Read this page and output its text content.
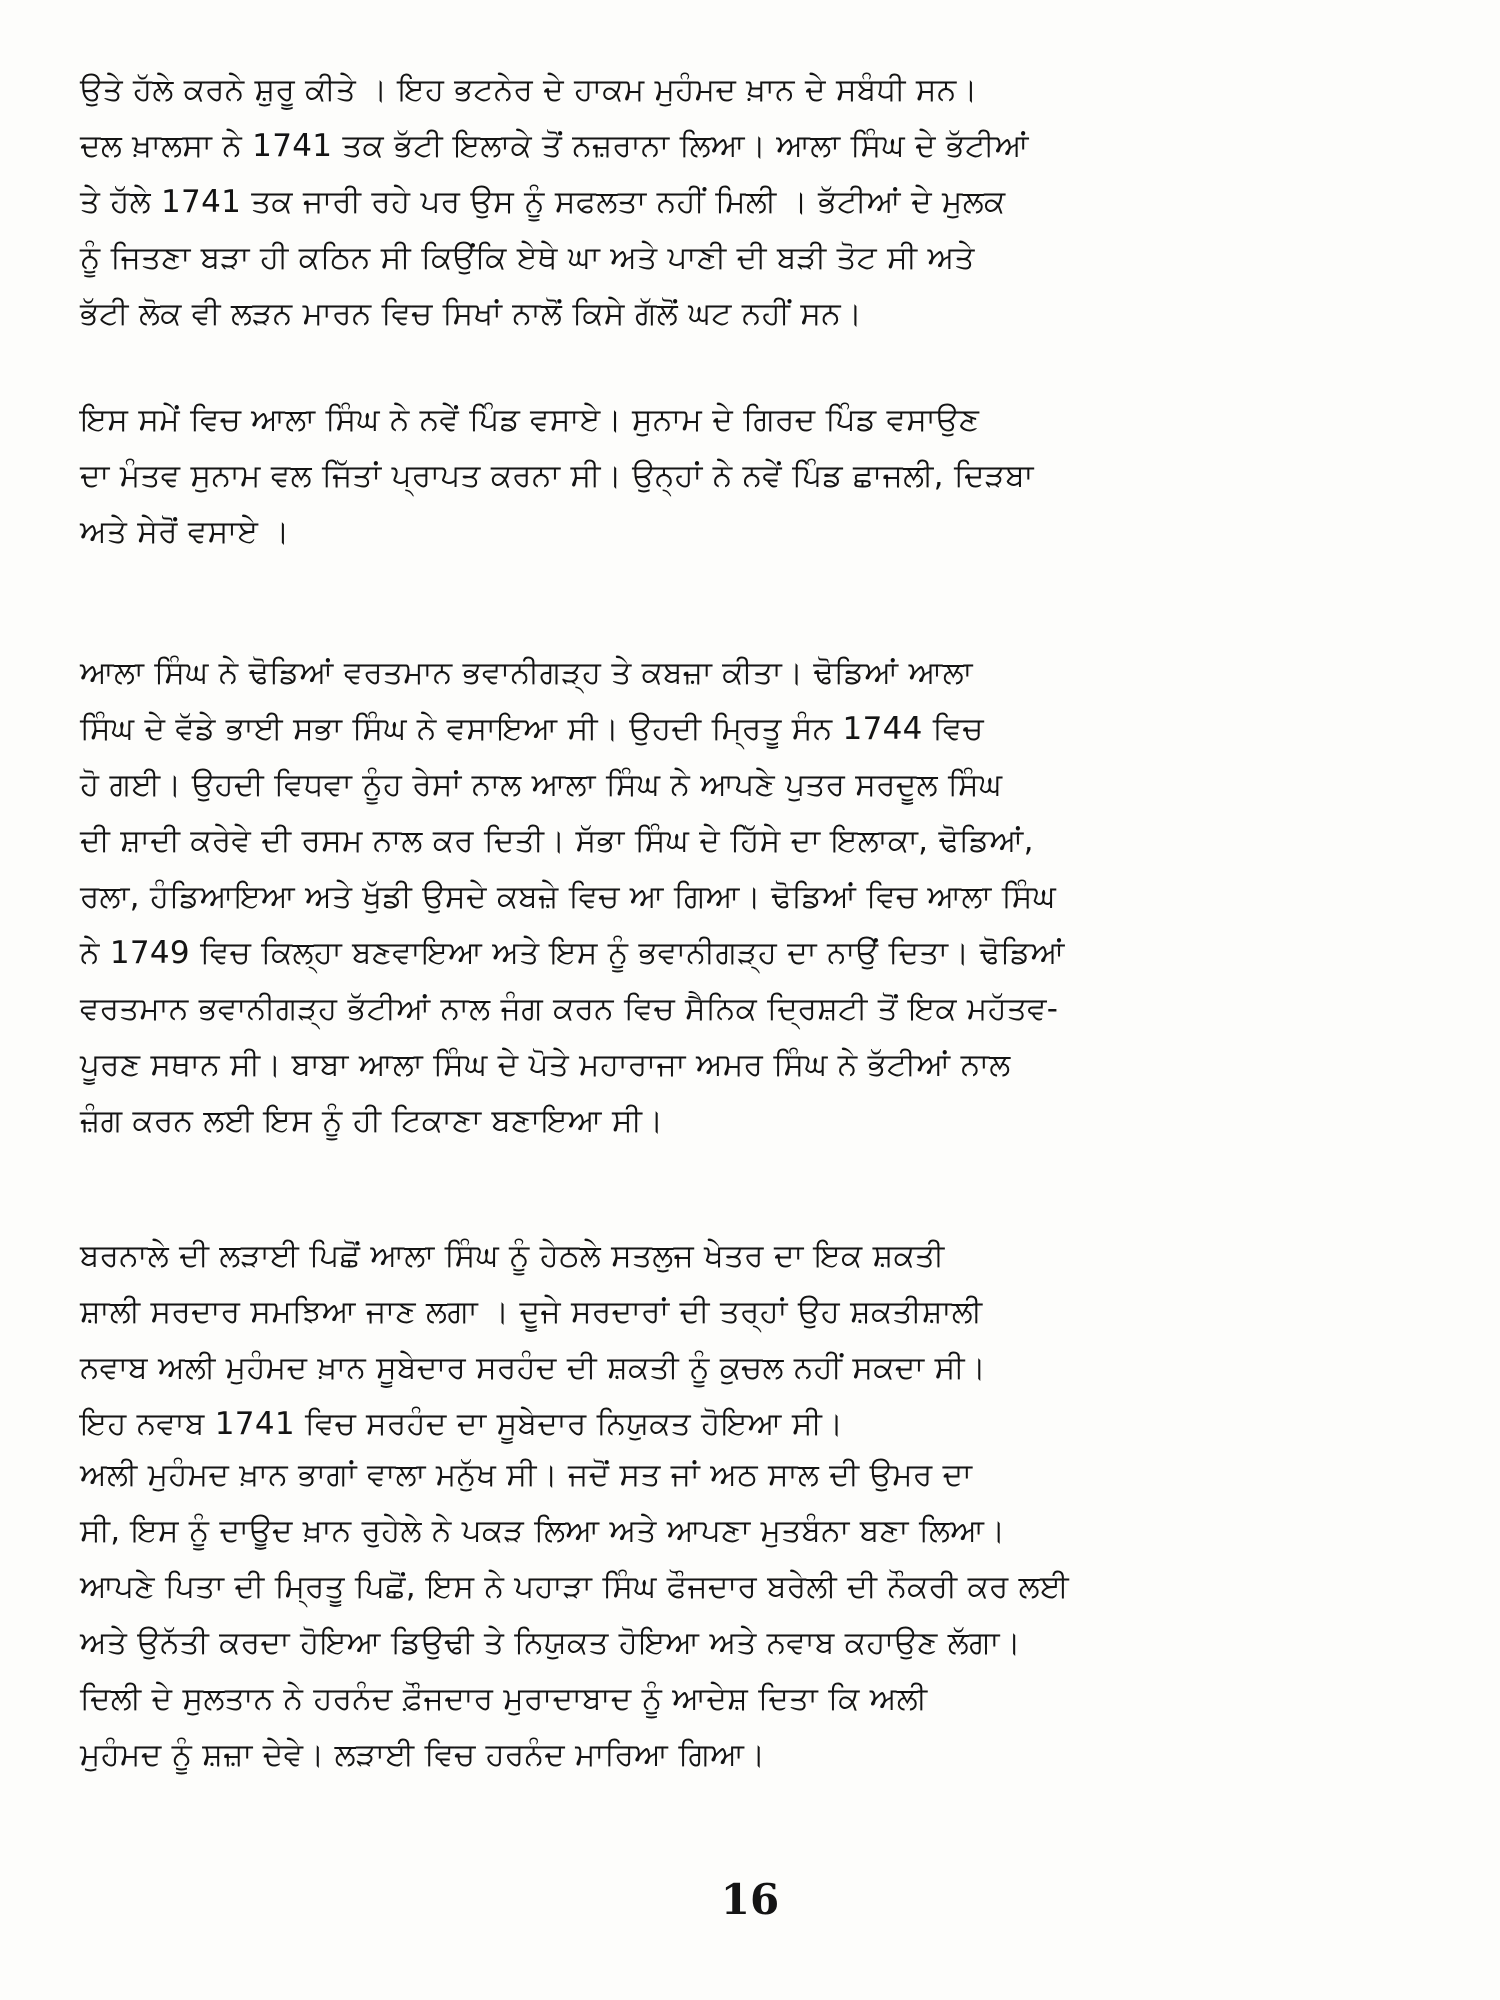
ਉਤੇ ਹੱਲੇ ਕਰਨੇ ਸ਼ੁਰੂ ਕੀਤੇ । ਇਹ ਭਟਨੇਰ ਦੇ ਹਾਕਮ ਮੁਹੰਮਦ ਖ਼ਾਨ ਦੇ ਸਬੰਧੀ ਸਨ।
ਦਲ ਖ਼ਾਲਸਾ ਨੇ 1741 ਤਕ ਭੱਟੀ ਇਲਾਕੇ ਤੋਂ ਨਜ਼ਰਾਨਾ ਲਿਆ। ਆਲਾ ਸਿੰਘ ਦੇ ਭੱਟੀਆਂ
ਤੇ ਹੱਲੇ 1741 ਤਕ ਜਾਰੀ ਰਹੇ ਪਰ ਉਸ ਨੂੰ ਸਫਲਤਾ ਨਹੀਂ ਮਿਲੀ । ਭੱਟੀਆਂ ਦੇ ਮੁਲਕ
ਨੂੰ ਜਿਤਣਾ ਬੜਾ ਹੀ ਕਠਿਨ ਸੀ ਕਿਉਂਕਿ ਏਥੇ ਘਾ ਅਤੇ ਪਾਣੀ ਦੀ ਬੜੀ ਤੋਟ ਸੀ ਅਤੇ
ਭੱਟੀ ਲੋਕ ਵੀ ਲੜਨ ਮਾਰਨ ਵਿਚ ਸਿਖਾਂ ਨਾਲੋਂ ਕਿਸੇ ਗੱਲੋਂ ਘਟ ਨਹੀਂ ਸਨ।
ਇਸ ਸਮੇਂ ਵਿਚ ਆਲਾ ਸਿੰਘ ਨੇ ਨਵੇਂ ਪਿੰਡ ਵਸਾਏ। ਸੁਨਾਮ ਦੇ ਗਿਰਦ ਪਿੰਡ ਵਸਾਉਣ
ਦਾ ਮੰਤਵ ਸੁਨਾਮ ਵਲ ਜਿੱਤਾਂ ਪ੍ਰਾਪਤ ਕਰਨਾ ਸੀ। ਉਨ੍ਹਾਂ ਨੇ ਨਵੇਂ ਪਿੰਡ ਛਾਜਲੀ, ਦਿੜਬਾ
ਅਤੇ ਸੇਰੋਂ ਵਸਾਏ ।
ਆਲਾ ਸਿੰਘ ਨੇ ਢੋਡਿਆਂ ਵਰਤਮਾਨ ਭਵਾਨੀਗੜ੍ਹ ਤੇ ਕਬਜ਼ਾ ਕੀਤਾ। ਢੋਡਿਆਂ ਆਲਾ
ਸਿੰਘ ਦੇ ਵੱਡੇ ਭਾਈ ਸਭਾ ਸਿੰਘ ਨੇ ਵਸਾਇਆ ਸੀ। ਉਹਦੀ ਮ੍ਰਿਤੂ ਸੰਨ 1744 ਵਿਚ
ਹੋ ਗਈ। ਉਹਦੀ ਵਿਧਵਾ ਨੂੰਹ ਰੇਸਾਂ ਨਾਲ ਆਲਾ ਸਿੰਘ ਨੇ ਆਪਣੇ ਪੁਤਰ ਸਰਦੂਲ ਸਿੰਘ
ਦੀ ਸ਼ਾਦੀ ਕਰੇਵੇ ਦੀ ਰਸਮ ਨਾਲ ਕਰ ਦਿਤੀ। ਸੱਭਾ ਸਿੰਘ ਦੇ ਹਿੱਸੇ ਦਾ ਇਲਾਕਾ, ਢੋਡਿਆਂ,
ਰਲਾ, ਹੰਡਿਆਇਆ ਅਤੇ ਖੁੱਡੀ ਉਸਦੇ ਕਬਜ਼ੇ ਵਿਚ ਆ ਗਿਆ। ਢੋਡਿਆਂ ਵਿਚ ਆਲਾ ਸਿੰਘ
ਨੇ 1749 ਵਿਚ ਕਿਲ੍ਹਾ ਬਣਵਾਇਆ ਅਤੇ ਇਸ ਨੂੰ ਭਵਾਨੀਗੜ੍ਹ ਦਾ ਨਾਉਂ ਦਿਤਾ। ਢੋਡਿਆਂ
ਵਰਤਮਾਨ ਭਵਾਨੀਗੜ੍ਹ ਭੱਟੀਆਂ ਨਾਲ ਜੰਗ ਕਰਨ ਵਿਚ ਸੈਨਿਕ ਦ੍ਰਿਸ਼ਟੀ ਤੋਂ ਇਕ ਮਹੱਤਵ-
ਪੂਰਣ ਸਥਾਨ ਸੀ। ਬਾਬਾ ਆਲਾ ਸਿੰਘ ਦੇ ਪੋਤੇ ਮਹਾਰਾਜਾ ਅਮਰ ਸਿੰਘ ਨੇ ਭੱਟੀਆਂ ਨਾਲ
ਜ਼ੰਗ ਕਰਨ ਲਈ ਇਸ ਨੂੰ ਹੀ ਟਿਕਾਣਾ ਬਣਾਇਆ ਸੀ।
ਬਰਨਾਲੇ ਦੀ ਲੜਾਈ ਪਿਛੋਂ ਆਲਾ ਸਿੰਘ ਨੂੰ ਹੇਠਲੇ ਸਤਲੁਜ ਖੇਤਰ ਦਾ ਇਕ ਸ਼ਕਤੀ
ਸ਼ਾਲੀ ਸਰਦਾਰ ਸਮਝਿਆ ਜਾਣ ਲਗਾ । ਦੂਜੇ ਸਰਦਾਰਾਂ ਦੀ ਤਰ੍ਹਾਂ ਉਹ ਸ਼ਕਤੀਸ਼ਾਲੀ
ਨਵਾਬ ਅਲੀ ਮੁਹੰਮਦ ਖ਼ਾਨ ਸੂਬੇਦਾਰ ਸਰਹੰਦ ਦੀ ਸ਼ਕਤੀ ਨੂੰ ਕੁਚਲ ਨਹੀਂ ਸਕਦਾ ਸੀ।
ਇਹ ਨਵਾਬ 1741 ਵਿਚ ਸਰਹੰਦ ਦਾ ਸੂਬੇਦਾਰ ਨਿਯੁਕਤ ਹੋਇਆ ਸੀ।
ਅਲੀ ਮੁਹੰਮਦ ਖ਼ਾਨ ਭਾਗਾਂ ਵਾਲਾ ਮਨੁੱਖ ਸੀ। ਜਦੋਂ ਸਤ ਜਾਂ ਅਠ ਸਾਲ ਦੀ ਉਮਰ ਦਾ
ਸੀ, ਇਸ ਨੂੰ ਦਾਊਦ ਖ਼ਾਨ ਰੁਹੇਲੇ ਨੇ ਪਕੜ ਲਿਆ ਅਤੇ ਆਪਣਾ ਮੁਤਬੰਨਾ ਬਣਾ ਲਿਆ।
ਆਪਣੇ ਪਿਤਾ ਦੀ ਮ੍ਰਿਤੂ ਪਿਛੋਂ, ਇਸ ਨੇ ਪਹਾੜਾ ਸਿੰਘ ਫੌਜਦਾਰ ਬਰੇਲੀ ਦੀ ਨੌਕਰੀ ਕਰ ਲਈ
ਅਤੇ ਉਨੱਤੀ ਕਰਦਾ ਹੋਇਆ ਡਿਉਢੀ ਤੇ ਨਿਯੁਕਤ ਹੋਇਆ ਅਤੇ ਨਵਾਬ ਕਹਾਉਣ ਲੱਗਾ।
ਦਿਲੀ ਦੇ ਸੁਲਤਾਨ ਨੇ ਹਰਨੰਦ ਫ਼ੌਜਦਾਰ ਮੁਰਾਦਾਬਾਦ ਨੂੰ ਆਦੇਸ਼ ਦਿਤਾ ਕਿ ਅਲੀ
ਮੁਹੰਮਦ ਨੂੰ ਸ਼ਜ਼ਾ ਦੇਵੇ। ਲੜਾਈ ਵਿਚ ਹਰਨੰਦ ਮਾਰਿਆ ਗਿਆ।
16
